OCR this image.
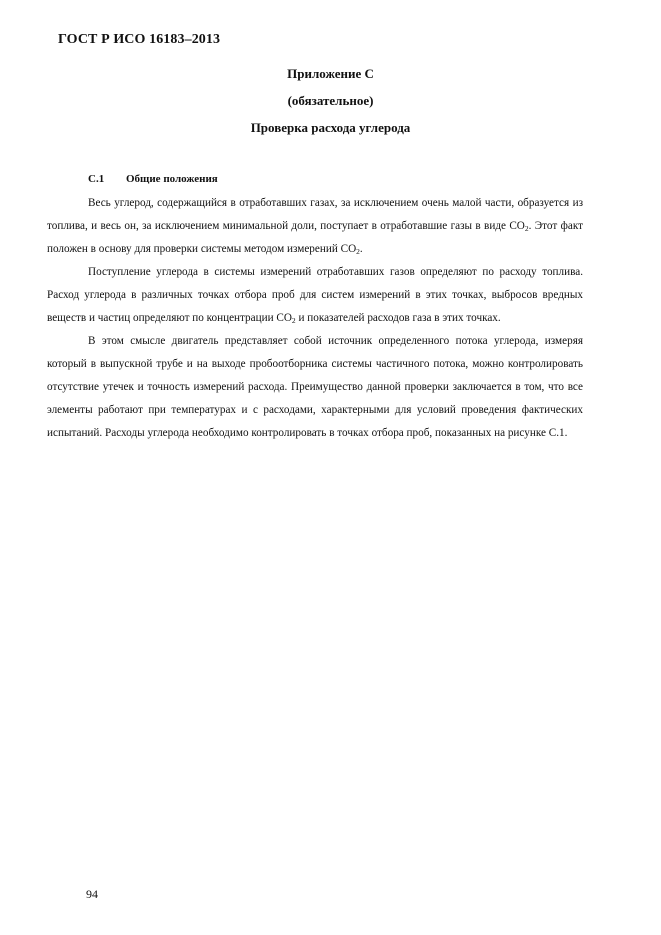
ГОСТ Р ИСО 16183–2013
Приложение С
(обязательное)
Проверка расхода углерода
С.1 Общие положения

Весь углерод, содержащийся в отработавших газах, за исключением очень малой части, образуется из топлива, и весь он, за исключением минимальной доли, поступает в отработавшие газы в виде $CO_2$. Этот факт положен в основу для проверки системы методом измерений $CO_2$.

Поступление углерода в системы измерений отработавших газов определяют по расходу топлива. Расход углерода в различных точках отбора проб для систем измерений в этих точках, выбросов вредных веществ и частиц определяют по концентрации $CO_2$ и показателей расходов газа в этих точках.

В этом смысле двигатель представляет собой источник определенного потока углерода, измеряя который в выпускной трубе и на выходе пробоотборника системы частичного потока, можно контролировать отсутствие утечек и точность измерений расхода. Преимущество данной проверки заключается в том, что все элементы работают при температурах и с расходами, характерными для условий проведения фактических испытаний. Расходы углерода необходимо контролировать в точках отбора проб, показанных на рисунке С.1.

94
